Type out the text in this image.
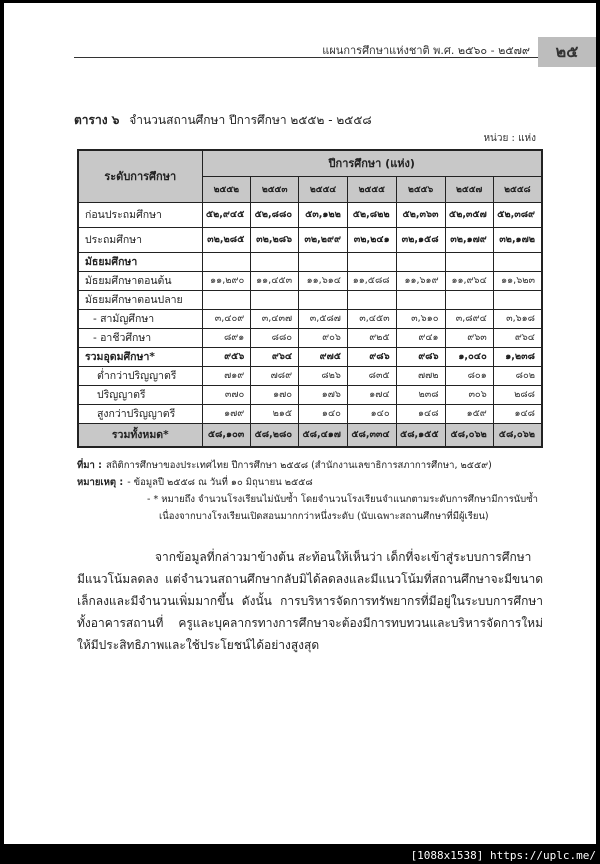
แผนการศึกษาแห่งชาติ พ.ศ. ๒๕๖๐ - ๒๕๗๙	๒๕
ตาราง ๖ จำนวนสถานศึกษา ปีการศึกษา ๒๕๕๒ - ๒๕๕๘
หน่วย : แห่ง
ระดับการศึกษา	ปีการศึกษา (แห่ง)						
	๒๕๕๒	๒๕๕๓	๒๕๕๔	๒๕๕๕	๒๕๕๖	๒๕๕๗	๒๕๕๘
ก่อนประถมศึกษา	๕๒,๙๔๕	๕๒,๘๘๐	๕๓,๑๒๒	๕๒,๘๒๒	๕๒,๓๖๓	๕๒,๓๕๗	๕๒,๓๘๙
ประถมศึกษา	๓๒,๒๘๕	๓๒,๒๘๖	๓๒,๒๙๙	๓๒,๒๔๑	๓๒,๑๕๘	๓๒,๑๗๙	๓๒,๑๗๒
มัธยมศึกษา							
มัธยมศึกษาตอนต้น	๑๑,๒๙๐	๑๑,๔๕๓	๑๑,๖๑๔	๑๑,๕๘๘	๑๑,๖๑๙	๑๑,๙๖๔	๑๑,๖๒๓
มัธยมศึกษาตอนปลาย							
- สามัญศึกษา	๓,๔๐๙	๓,๔๓๗	๓,๕๘๗	๓,๔๕๓	๓,๖๑๐	๓,๘๙๔	๓,๖๑๘
- อาชีวศึกษา	๘๙๑	๘๘๐	๙๐๖	๙๒๕	๙๔๑	๙๖๓	๙๖๔
รวมอุดมศึกษา*	๙๕๖	๙๖๔	๙๗๕	๙๘๖	๙๘๖	๑,๐๔๐	๑,๒๓๘
ต่ำกว่าปริญญาตรี	๗๑๙	๗๘๙	๘๒๖	๘๓๕	๗๗๒	๘๐๑	๘๐๒
ปริญญาตรี	๓๗๐	๑๗๐	๑๗๖	๑๗๔	๒๓๘	๓๐๖	๒๘๘
สูงกว่าปริญญาตรี	๑๗๙	๒๑๕	๑๔๐	๑๔๐	๑๔๘	๑๕๙	๑๔๘
รวมทั้งหมด*	๕๘,๑๐๓	๕๘,๒๘๐	๕๘,๔๑๗	๕๘,๓๓๔	๕๘,๑๕๕	๕๘,๐๖๒	๕๘,๐๖๒
ที่มา : สถิติการศึกษาของประเทศไทย ปีการศึกษา ๒๕๕๘ (สำนักงานเลขาธิการสภาการศึกษา, ๒๕๕๙)
หมายเหตุ : - ข้อมูลปี ๒๕๕๘ ณ วันที่ ๑๐ มิถุนายน ๒๕๕๘
- * หมายถึง จำนวนโรงเรียนไม่นับซ้ำ โดยจำนวนโรงเรียนจำแนกตามระดับการศึกษามีการนับซ้ำ
เนื่องจากบางโรงเรียนเปิดสอนมากกว่าหนึ่งระดับ (นับเฉพาะสถานศึกษาที่มีผู้เรียน)
จากข้อมูลที่กล่าวมาข้างต้น สะท้อนให้เห็นว่า เด็กที่จะเข้าสู่ระบบการศึกษา
มีแนวโน้มลดลง แต่จำนวนสถานศึกษากลับมิได้ลดลงและมีแนวโน้มที่สถานศึกษาจะมีขนาดเล็กลงและมีจำนวนเพิ่มมากขึ้น ดังนั้น การบริหารจัดการทรัพยากรที่มีอยู่ในระบบการศึกษาทั้งอาคารสถานที่ ครูและบุคลากรทางการศึกษาจะต้องมีการทบทวนและบริหารจัดการใหม่ให้มีประสิทธิภาพและใช้ประโยชน์ได้อย่างสูงสุด
[1088x1538] https://uplc.me/
